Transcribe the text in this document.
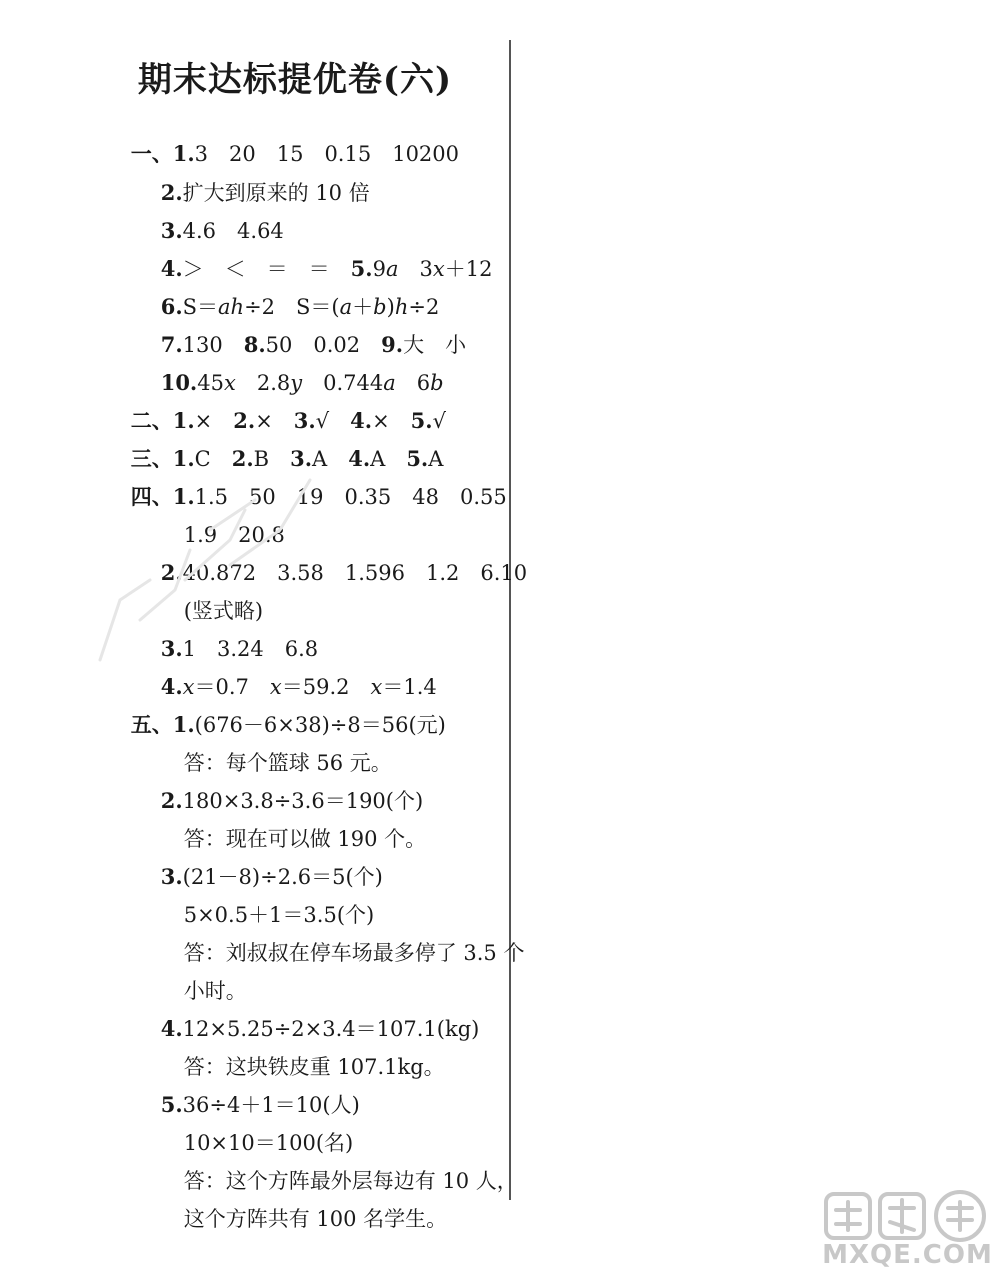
期末达标提优卷(六)

一、1.3　20　15　0.15　10200

2.扩大到原来的 10 倍

3.4.6　4.64

4.＞　＜　＝　＝　5.9a　3x＋12

6.S＝ah÷2　S＝(a＋b)h÷2

7.130　8.50　0.02　9.大　小

10.45x　2.8y　0.744a　6b

二、1.×　2.×　3.√　4.×　5.√

三、1.C　2.B　3.A　4.A　5.A

四、1.1.5　50　19　0.35　48　0.55

1.9　20.8

2.40.872　3.58　1.596　1.2　6.10

(竖式略)

3.1　3.24　6.8

4.x＝0.7　x＝59.2　x＝1.4

五、1.(676－6×38)÷8＝56(元)

答：每个篮球 56 元。

2.180×3.8÷3.6＝190(个)

答：现在可以做 190 个。

3.(21－8)÷2.6＝5(个)

5×0.5＋1＝3.5(个)

答：刘叔叔在停车场最多停了 3.5 个

小时。

4.12×5.25÷2×3.4＝107.1(kg)

答：这块铁皮重 107.1kg。

5.36÷4＋1＝10(人)

10×10＝100(名)

答：这个方阵最外层每边有 10 人，

这个方阵共有 100 名学生。

MXQE.COM
